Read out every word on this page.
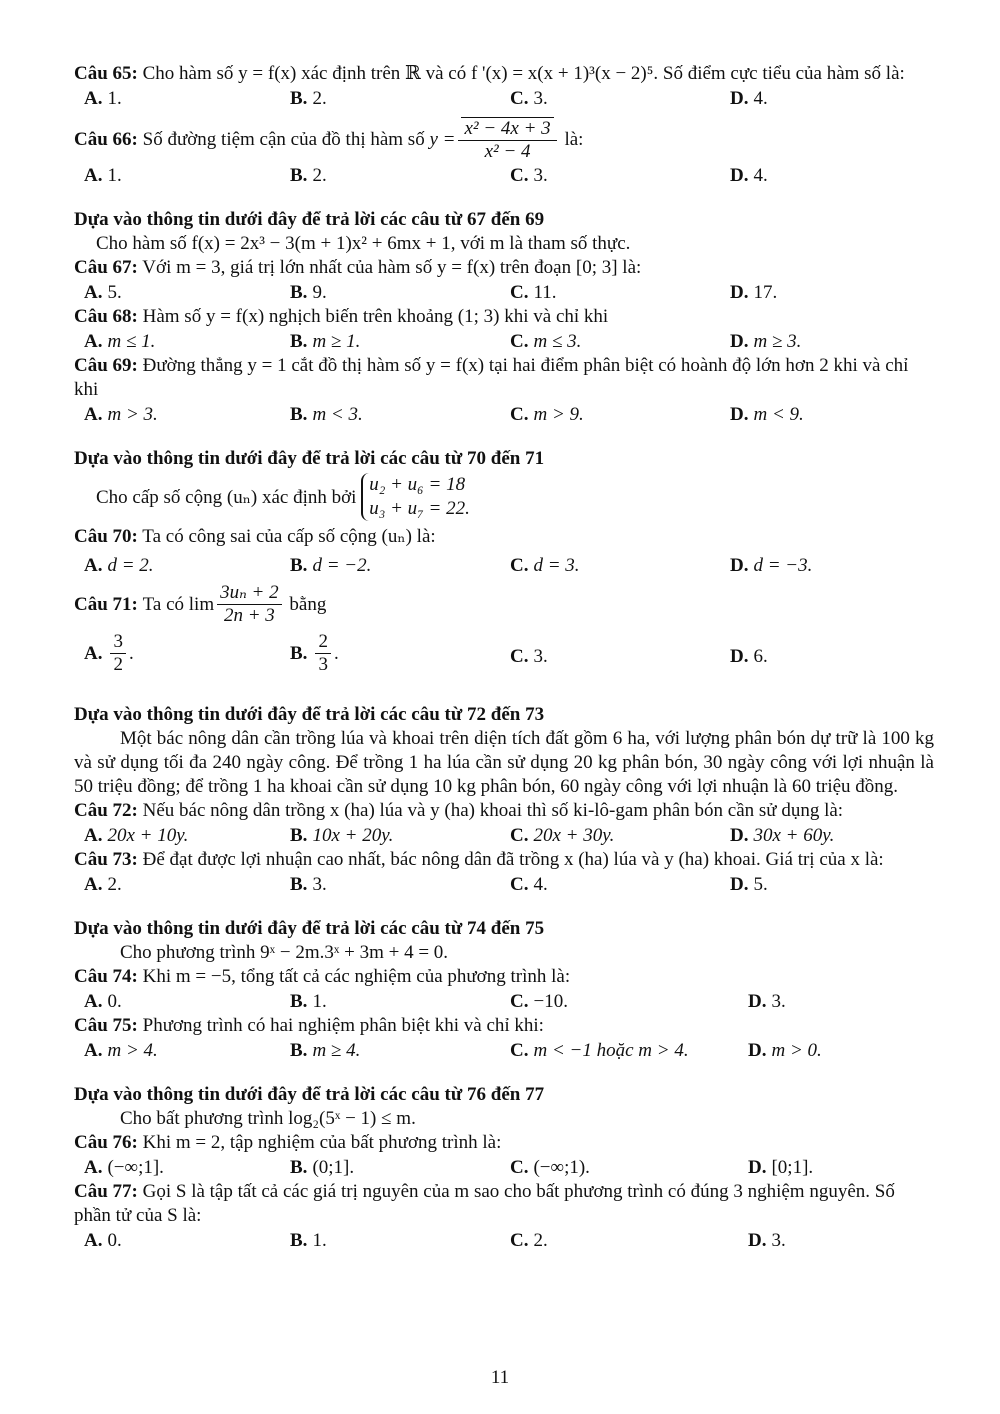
Câu 65: Cho hàm số y = f(x) xác định trên ℝ và có f '(x) = x(x + 1)³(x − 2)⁵. Số điểm cực tiểu của hàm số là:
A. 1.	B. 2.	C. 3.	D. 4.
Câu 66:
Số đường tiệm cận của đồ thị hàm số
$y = \frac{\text{x² − 4x + 3}}{\text{x² − 4}}$
là:
A. 1.	B. 2.	C. 3.	D. 4.
Dựa vào thông tin dưới đây để trả lời các câu từ 67 đến 69
Cho hàm số f(x) = 2x³ − 3(m + 1)x² + 6mx + 1, với m là tham số thực.
Câu 67: Với m = 3, giá trị lớn nhất của hàm số y = f(x) trên đoạn [0; 3] là:
A. 5.	B. 9.	C. 11.	D. 17.
Câu 68: Hàm số y = f(x) nghịch biến trên khoảng (1; 3) khi và chỉ khi
A. m ≤ 1.	B. m ≥ 1.	C. m ≤ 3.	D. m ≥ 3.
Câu 69: Đường thẳng y = 1 cắt đồ thị hàm số y = f(x) tại hai điểm phân biệt có hoành độ lớn hơn 2 khi và chỉ khi
A. m > 3.	B. m < 3.	C. m > 9.	D. m < 9.
Dựa vào thông tin dưới đây để trả lời các câu từ 70 đến 71
Cho cấp số cộng (uₙ) xác định bởi

u₂ + u₆ = 18
u₃ + u₇ = 22.
Câu 70: Ta có công sai của cấp số cộng (uₙ) là:
A. d = 2.	B. d = −2.	C. d = 3.	D. d = −3.
Câu 71:
Ta có $\lim \frac{\text{3uₙ + 2}}{2n + 3}$
bằng
A. $\frac{3}{2}$ .	B. $\frac{2}{3}$ .	C. 3.	D. 6.
Dựa vào thông tin dưới đây để trả lời các câu từ 72 đến 73
Một bác nông dân cần trồng lúa và khoai trên diện tích đất gồm 6 ha, với lượng phân bón dự trữ là 100 kg và sử dụng tối đa 240 ngày công. Để trồng 1 ha lúa cần sử dụng 20 kg phân bón, 30 ngày công với lợi nhuận là 50 triệu đồng; để trồng 1 ha khoai cần sử dụng 10 kg phân bón, 60 ngày công với lợi nhuận là 60 triệu đồng.
Câu 72: Nếu bác nông dân trồng x (ha) lúa và y (ha) khoai thì số ki-lô-gam phân bón cần sử dụng là:
A. 20x + 10y.	B. 10x + 20y.	C. 20x + 30y.	D. 30x + 60y.
Câu 73: Để đạt được lợi nhuận cao nhất, bác nông dân đã trồng x (ha) lúa và y (ha) khoai. Giá trị của x là:
A. 2.	B. 3.	C. 4.	D. 5.
Dựa vào thông tin dưới đây để trả lời các câu từ 74 đến 75
Cho phương trình 9ˣ − 2m.3ˣ + 3m + 4 = 0.
Câu 74: Khi m = −5, tổng tất cả các nghiệm của phương trình là:
A. 0.	B. 1.	C. −10.	D. 3.
Câu 75: Phương trình có hai nghiệm phân biệt khi và chỉ khi:
A. m > 4.	B. m ≥ 4.	C. m < −1 hoặc m > 4.	D. m > 0.
Dựa vào thông tin dưới đây để trả lời các câu từ 76 đến 77
Cho bất phương trình log₂(5ˣ − 1) ≤ m.
Câu 76: Khi m = 2, tập nghiệm của bất phương trình là:
A. (−∞;1].	B. (0;1].	C. (−∞;1).	D. [0;1].
Câu 77: Gọi S là tập tất cả các giá trị nguyên của m sao cho bất phương trình có đúng 3 nghiệm nguyên. Số phần tử của S là:
A. 0.	B. 1.	C. 2.	D. 3.
11
